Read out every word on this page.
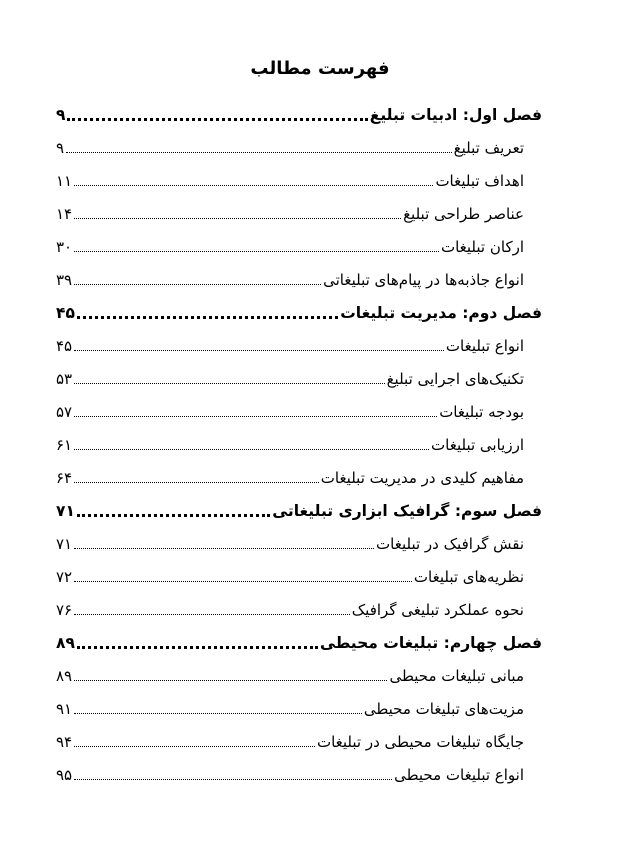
فهرست مطالب
فصل اول: ادبیات تبلیغ
۹
تعریف تبلیغ
۹
اهداف تبلیغات
۱۱
عناصر طراحی تبلیغ
۱۴
ارکان تبلیغات
۳۰
انواع جاذبه‌ها در پیام‌های تبلیغاتی
۳۹
فصل دوم: مدیریت تبلیغات
۴۵
انواع تبلیغات
۴۵
تکنیک‌های اجرایی تبلیغ
۵۳
بودجه تبلیغات
۵۷
ارزیابی تبلیغات
۶۱
مفاهیم کلیدی در مدیریت تبلیغات
۶۴
فصل سوم: گرافیک ابزاری تبلیغاتی
۷۱
نقش گرافیک در تبلیغات
۷۱
نظریه‌های تبلیغات
۷۲
نحوه عملکرد تبلیغی گرافیک
۷۶
فصل چهارم: تبلیغات محیطی
۸۹
مبانی تبلیغات محیطی
۸۹
مزیت‌های تبلیغات محیطی
۹۱
جایگاه تبلیغات محیطی در تبلیغات
۹۴
انواع تبلیغات محیطی
۹۵
